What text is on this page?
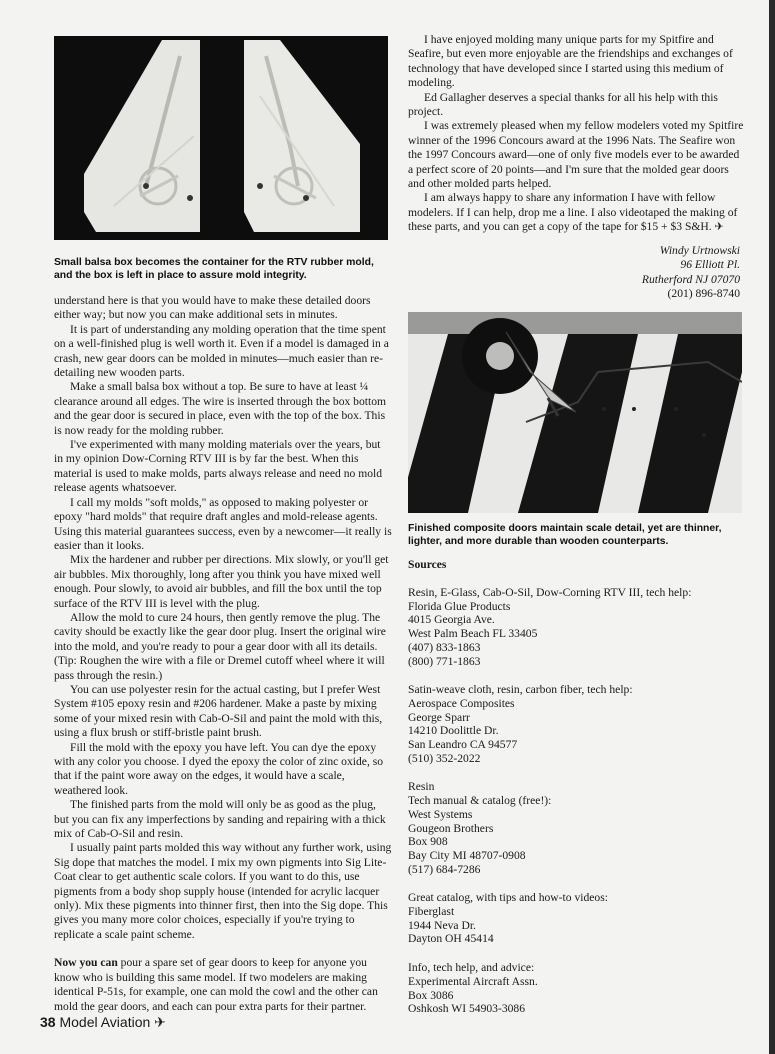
Small balsa box becomes the container for the RTV rubber mold, and the box is left in place to assure mold integrity.

understand here is that you would have to make these detailed doors either way; but now you can make additional sets in minutes.

It is part of understanding any molding operation that the time spent on a well-finished plug is well worth it. Even if a model is damaged in a crash, new gear doors can be molded in minutes—much easier than re-detailing new wooden parts.

Make a small balsa box without a top. Be sure to have at least ¼ clearance around all edges. The wire is inserted through the box bottom and the gear door is secured in place, even with the top of the box. This is now ready for the molding rubber.

I've experimented with many molding materials over the years, but in my opinion Dow-Corning RTV III is by far the best. When this material is used to make molds, parts always release and need no mold release agents whatsoever.

I call my molds "soft molds," as opposed to making polyester or epoxy "hard molds" that require draft angles and mold-release agents. Using this material guarantees success, even by a newcomer—it really is easier than it looks.

Mix the hardener and rubber per directions. Mix slowly, or you'll get air bubbles. Mix thoroughly, long after you think you have mixed well enough. Pour slowly, to avoid air bubbles, and fill the box until the top surface of the RTV III is level with the plug.

Allow the mold to cure 24 hours, then gently remove the plug. The cavity should be exactly like the gear door plug. Insert the original wire into the mold, and you're ready to pour a gear door with all its details. (Tip: Roughen the wire with a file or Dremel cutoff wheel where it will pass through the resin.)

You can use polyester resin for the actual casting, but I prefer West System #105 epoxy resin and #206 hardener. Make a paste by mixing some of your mixed resin with Cab-O-Sil and paint the mold with this, using a flux brush or stiff-bristle paint brush.

Fill the mold with the epoxy you have left. You can dye the epoxy with any color you choose. I dyed the epoxy the color of zinc oxide, so that if the paint wore away on the edges, it would have a scale, weathered look.

The finished parts from the mold will only be as good as the plug, but you can fix any imperfections by sanding and repairing with a thick mix of Cab-O-Sil and resin.

I usually paint parts molded this way without any further work, using Sig dope that matches the model. I mix my own pigments into Sig Lite-Coat clear to get authentic scale colors. If you want to do this, use pigments from a body shop supply house (intended for acrylic lacquer only). Mix these pigments into thinner first, then into the Sig dope. This gives you many more color choices, especially if you're trying to replicate a scale paint scheme.

Now you can pour a spare set of gear doors to keep for anyone you know who is building this same model. If two modelers are making identical P-51s, for example, one can mold the cowl and the other can mold the gear doors, and each can pour extra parts for their partner.

I have enjoyed molding many unique parts for my Spitfire and Seafire, but even more enjoyable are the friendships and exchanges of technology that have developed since I started using this medium of modeling.

Ed Gallagher deserves a special thanks for all his help with this project.

I was extremely pleased when my fellow modelers voted my Spitfire winner of the 1996 Concours award at the 1996 Nats. The Seafire won the 1997 Concours award—one of only five models ever to be awarded a perfect score of 20 points—and I'm sure that the molded gear doors and other molded parts helped.

I am always happy to share any information I have with fellow modelers. If I can help, drop me a line. I also videotaped the making of these parts, and you can get a copy of the tape for $15 + $3 S&H. ✈

Windy Urtnowski
96 Elliott Pl.
Rutherford NJ 07070
(201) 896-8740
Finished composite doors maintain scale detail, yet are thinner, lighter, and more durable than wooden counterparts.
Sources
Resin, E-Glass, Cab-O-Sil, Dow-Corning RTV III, tech help:
Florida Glue Products
4015 Georgia Ave.
West Palm Beach FL 33405
(407) 833-1863
(800) 771-1863
Satin-weave cloth, resin, carbon fiber, tech help:
Aerospace Composites
George Sparr
14210 Doolittle Dr.
San Leandro CA 94577
(510) 352-2022
Resin
Tech manual & catalog (free!):
West Systems
Gougeon Brothers
Box 908
Bay City MI 48707-0908
(517) 684-7286
Great catalog, with tips and how-to videos:
Fiberglast
1944 Neva Dr.
Dayton OH 45414
Info, tech help, and advice:
Experimental Aircraft Assn.
Box 3086
Oshkosh WI 54903-3086
38 Model Aviation ✈
